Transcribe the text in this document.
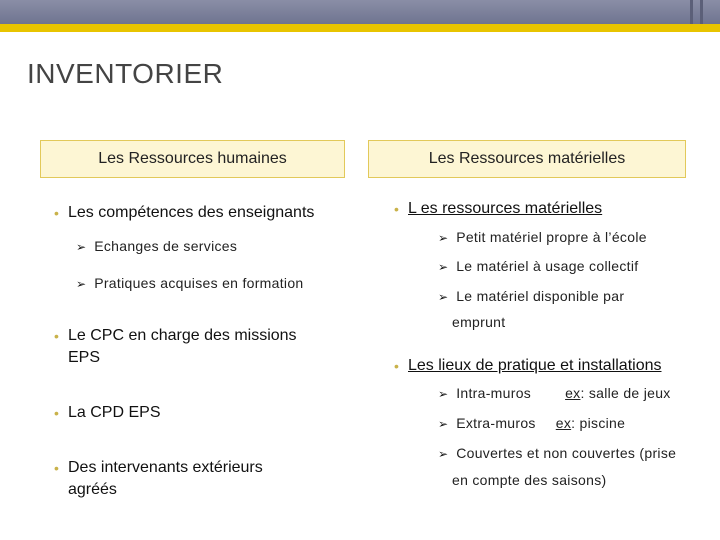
INVENTORIER
Les Ressources humaines	Les Ressources matérielles
• Les compétences des enseignants
➢ Echanges de services
➢ Pratiques acquises en formation
• Le CPC en charge des missions
EPS
• La CPD EPS
• Des intervenants extérieurs
agréés
• L es ressources matérielles
➢ Petit matériel propre à l’école
➢ Le matériel à usage collectif
➢ Le matériel disponible par
emprunt
• Les lieux de pratique et installations
➢ Intra-muros ex: salle de jeux
➢ Extra-muros ex: piscine
➢ Couvertes et non couvertes (prise
en compte des saisons)
